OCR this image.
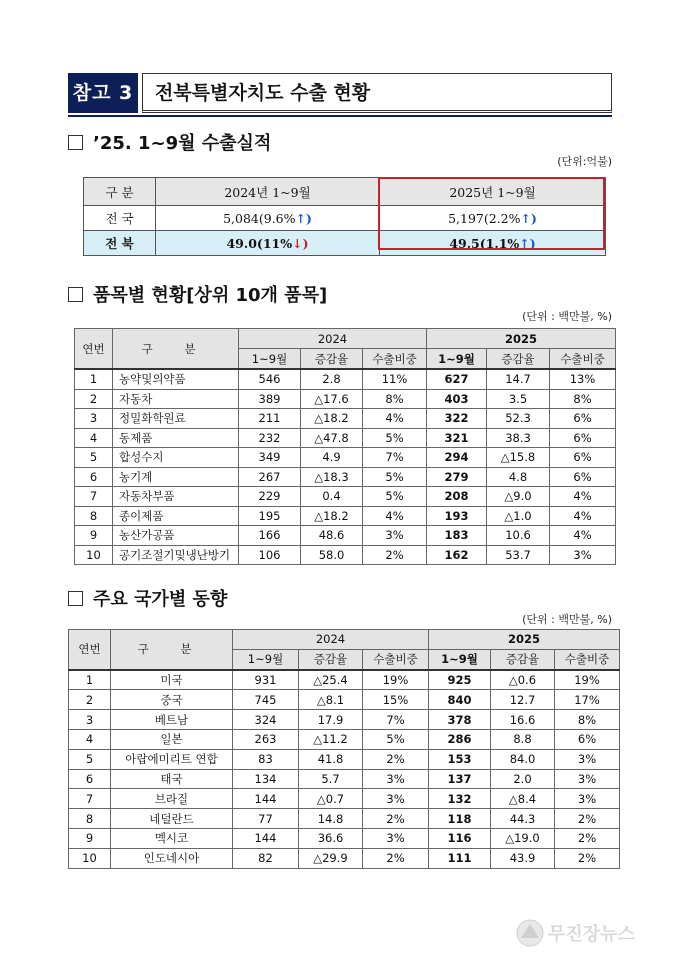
참고 3	전북특별자치도 수출 현황
’25. 1~9월 수출실적
(단위:억불)
구 분	2024년 1~9월	2025년 1~9월
전 국	5,084(9.6%↑)	5,197(2.2%↑)
전 북	49.0(11%↓)	49.5(1.1%↑)
품목별 현황[상위 10개 품목]
(단위 : 백만불, %)
연번	구 분	2024			2025		
		1~9월	증감율	수출비중	1~9월	증감율	수출비중
1	농약및의약품	546	2.8	11%	627	14.7	13%
2	자동차	389	△17.6	8%	403	3.5	8%
3	정밀화학원료	211	△18.2	4%	322	52.3	6%
4	동제품	232	△47.8	5%	321	38.3	6%
5	합성수지	349	4.9	7%	294	△15.8	6%
6	농기계	267	△18.3	5%	279	4.8	6%
7	자동차부품	229	0.4	5%	208	△9.0	4%
8	종이제품	195	△18.2	4%	193	△1.0	4%
9	농산가공품	166	48.6	3%	183	10.6	4%
10	공기조절기및냉난방기	106	58.0	2%	162	53.7	3%
주요 국가별 동향
(단위 : 백만불, %)
연번	구 분	2024			2025		
		1~9월	증감율	수출비중	1~9월	증감율	수출비중
1	미국	931	△25.4	19%	925	△0.6	19%
2	중국	745	△8.1	15%	840	12.7	17%
3	베트남	324	17.9	7%	378	16.6	8%
4	일본	263	△11.2	5%	286	8.8	6%
5	아랍에미리트 연합	83	41.8	2%	153	84.0	3%
6	태국	134	5.7	3%	137	2.0	3%
7	브라질	144	△0.7	3%	132	△8.4	3%
8	네덜란드	77	14.8	2%	118	44.3	2%
9	멕시코	144	36.6	3%	116	△19.0	2%
10	인도네시아	82	△29.9	2%	111	43.9	2%
무진장뉴스
